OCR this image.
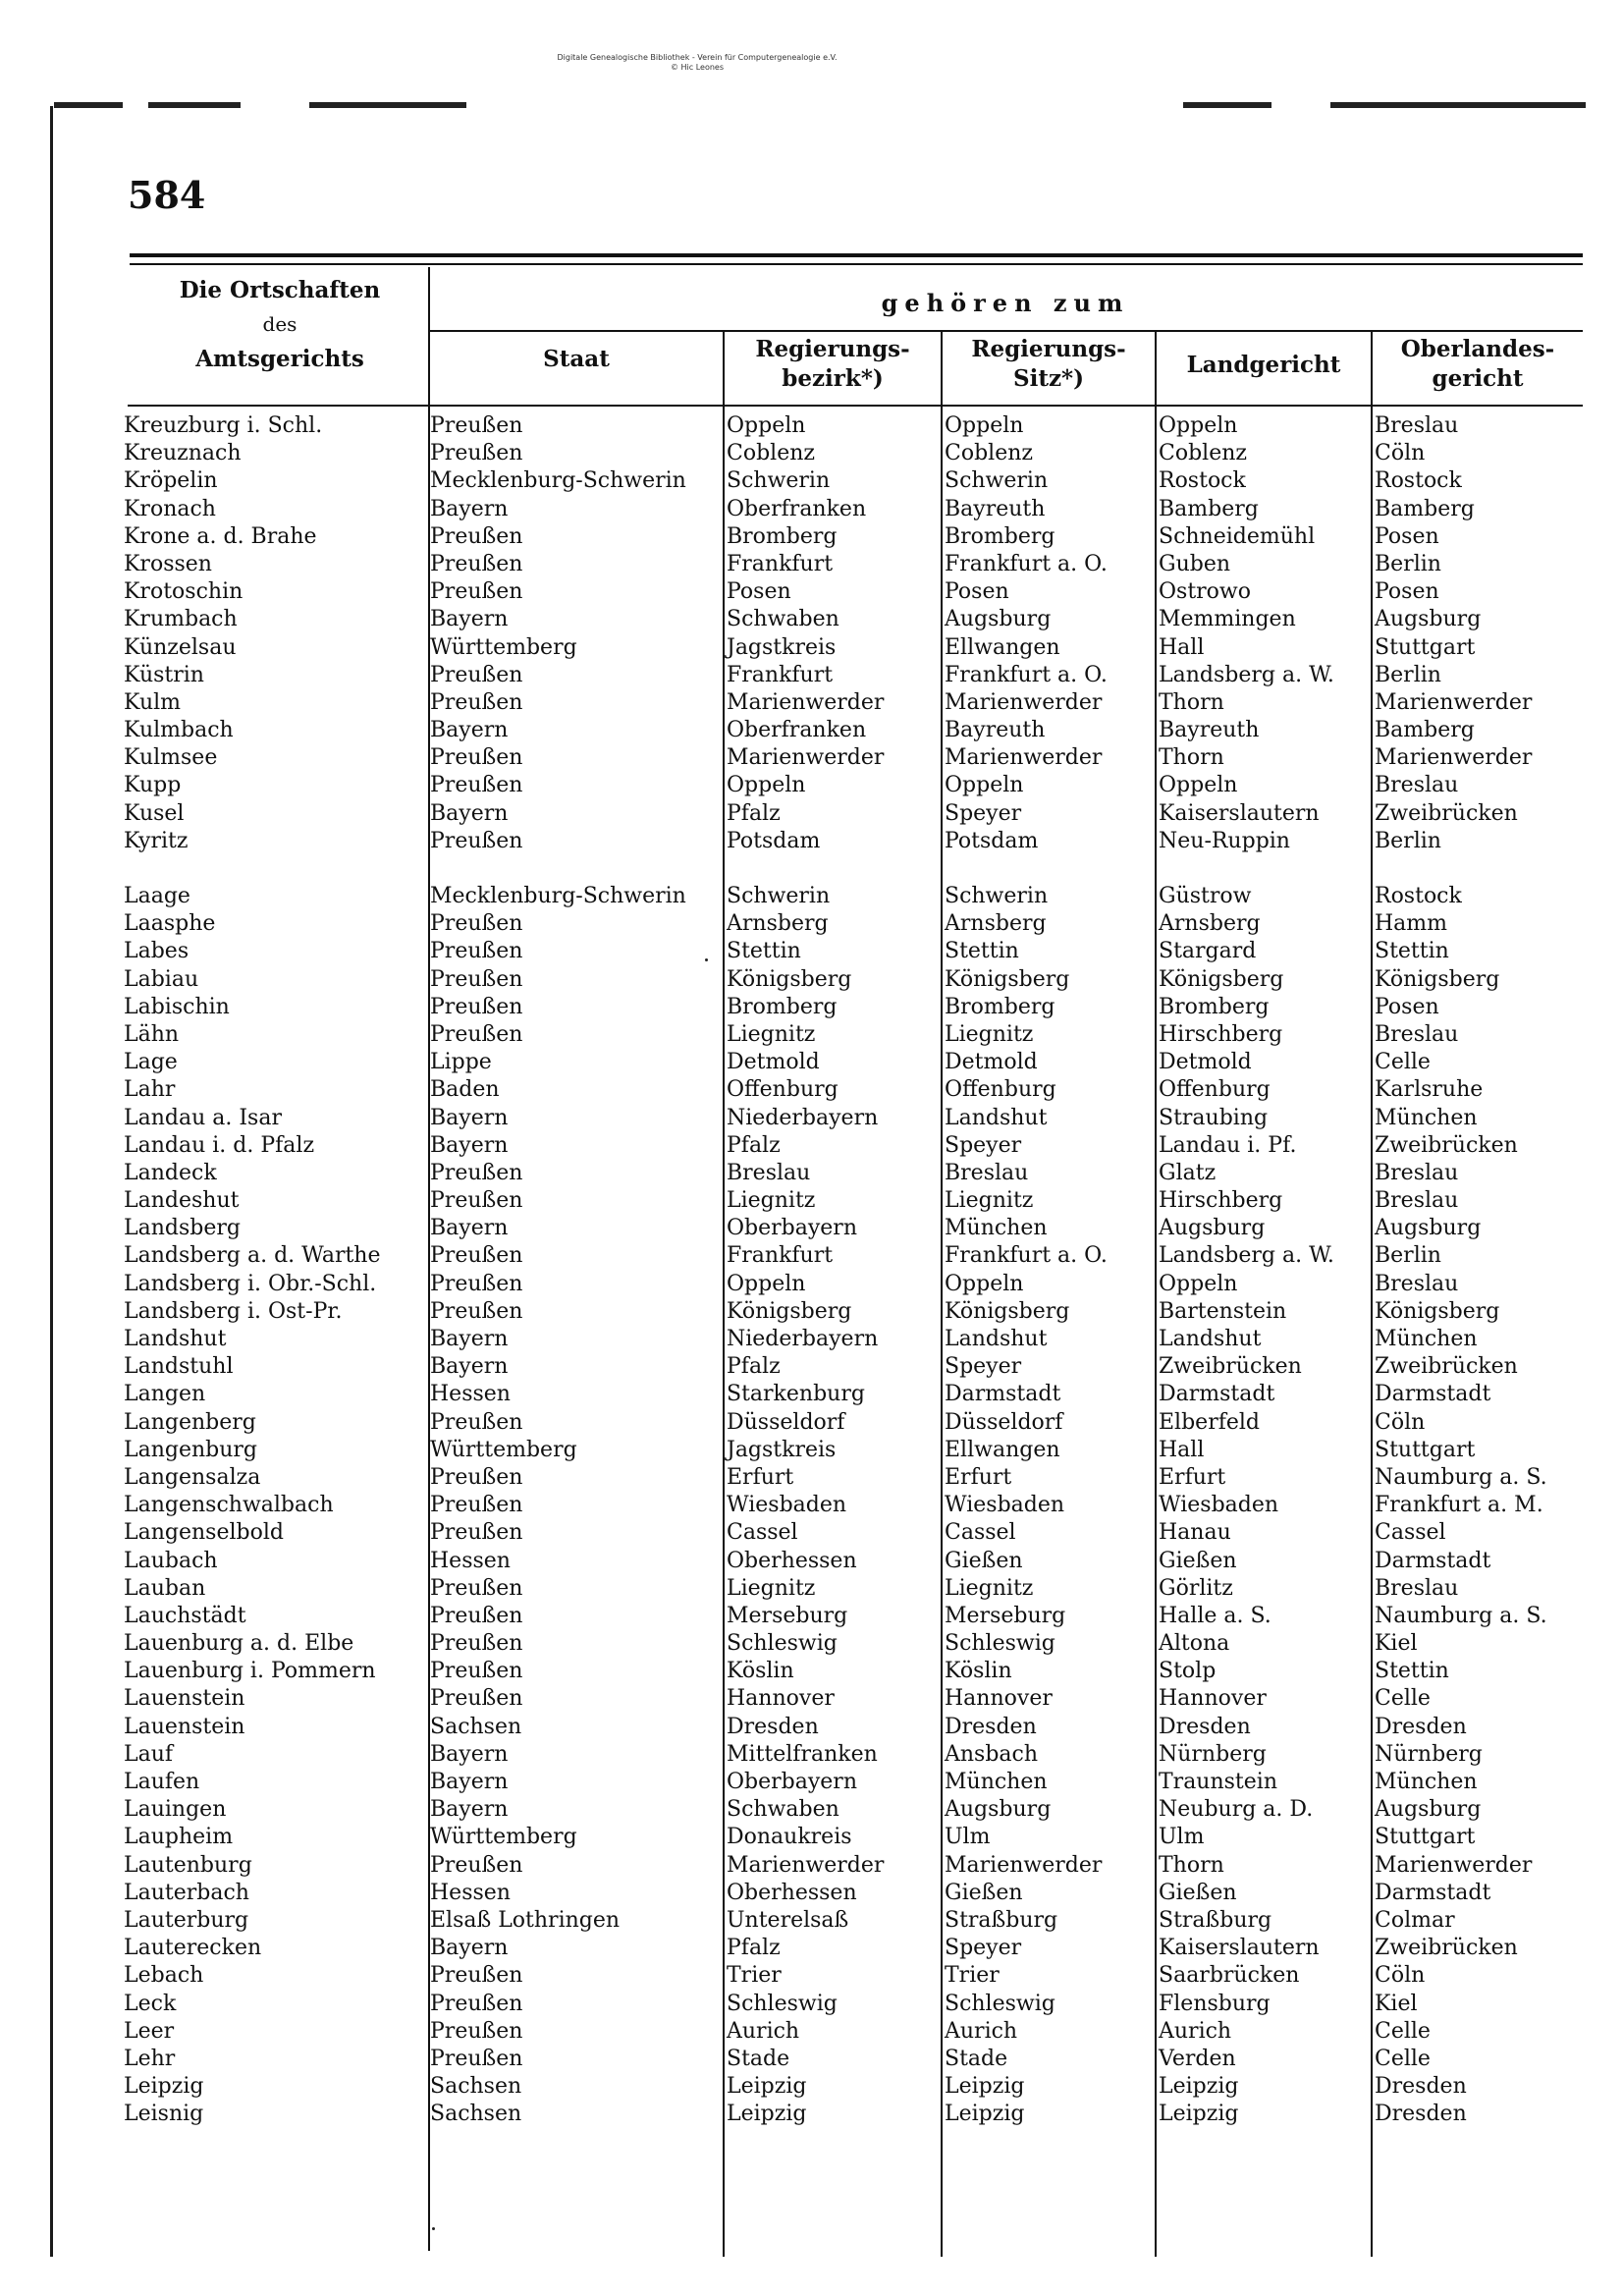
Digitale Genealogische Bibliothek - Verein für Computergenealogie e.V.
© Hic Leones
584
Die Ortschaften
des
Amtsgerichts
gehören zum
Staat	Regierungs-
bezirk*)
Regierungs-
Sitz*)
Landgericht
Oberlandes-
gericht
Kreuzburg i. Schl.
Kreuznach
Kröpelin
Kronach
Krone a. d. Brahe
Krossen
Krotoschin
Krumbach
Künzelsau
Küstrin
Kulm
Kulmbach
Kulmsee
Kupp
Kusel
Kyritz
Laage
Laasphe
Labes
Labiau
Labischin
Lähn
Lage
Lahr
Landau a. Isar
Landau i. d. Pfalz
Landeck
Landeshut
Landsberg
Landsberg a. d. Warthe
Landsberg i. Obr.-Schl.
Landsberg i. Ost-Pr.
Landshut
Landstuhl
Langen
Langenberg
Langenburg
Langensalza
Langenschwalbach
Langenselbold
Laubach
Lauban
Lauchstädt
Lauenburg a. d. Elbe
Lauenburg i. Pommern
Lauenstein
Lauenstein
Lauf
Laufen
Lauingen
Laupheim
Lautenburg
Lauterbach
Lauterburg
Lauterecken
Lebach
Leck
Leer
Lehr
Leipzig
Leisnig
Preußen
Preußen
Mecklenburg-Schwerin
Bayern
Preußen
Preußen
Preußen
Bayern
Württemberg
Preußen
Preußen
Bayern
Preußen
Preußen
Bayern
Preußen
Mecklenburg-Schwerin
Preußen
Preußen
Preußen
Preußen
Preußen
Lippe
Baden
Bayern
Bayern
Preußen
Preußen
Bayern
Preußen
Preußen
Preußen
Bayern
Bayern
Hessen
Preußen
Württemberg
Preußen
Preußen
Preußen
Hessen
Preußen
Preußen
Preußen
Preußen
Preußen
Sachsen
Bayern
Bayern
Bayern
Württemberg
Preußen
Hessen
Elsaß Lothringen
Bayern
Preußen
Preußen
Preußen
Preußen
Sachsen
Sachsen
Oppeln
Coblenz
Schwerin
Oberfranken
Bromberg
Frankfurt
Posen
Schwaben
Jagstkreis
Frankfurt
Marienwerder
Oberfranken
Marienwerder
Oppeln
Pfalz
Potsdam
Schwerin
Arnsberg
Stettin
Königsberg
Bromberg
Liegnitz
Detmold
Offenburg
Niederbayern
Pfalz
Breslau
Liegnitz
Oberbayern
Frankfurt
Oppeln
Königsberg
Niederbayern
Pfalz
Starkenburg
Düsseldorf
Jagstkreis
Erfurt
Wiesbaden
Cassel
Oberhessen
Liegnitz
Merseburg
Schleswig
Köslin
Hannover
Dresden
Mittelfranken
Oberbayern
Schwaben
Donaukreis
Marienwerder
Oberhessen
Unterelsaß
Pfalz
Trier
Schleswig
Aurich
Stade
Leipzig
Leipzig
Oppeln
Coblenz
Schwerin
Bayreuth
Bromberg
Frankfurt a. O.
Posen
Augsburg
Ellwangen
Frankfurt a. O.
Marienwerder
Bayreuth
Marienwerder
Oppeln
Speyer
Potsdam
Schwerin
Arnsberg
Stettin
Königsberg
Bromberg
Liegnitz
Detmold
Offenburg
Landshut
Speyer
Breslau
Liegnitz
München
Frankfurt a. O.
Oppeln
Königsberg
Landshut
Speyer
Darmstadt
Düsseldorf
Ellwangen
Erfurt
Wiesbaden
Cassel
Gießen
Liegnitz
Merseburg
Schleswig
Köslin
Hannover
Dresden
Ansbach
München
Augsburg
Ulm
Marienwerder
Gießen
Straßburg
Speyer
Trier
Schleswig
Aurich
Stade
Leipzig
Leipzig
Oppeln
Coblenz
Rostock
Bamberg
Schneidemühl
Guben
Ostrowo
Memmingen
Hall
Landsberg a. W.
Thorn
Bayreuth
Thorn
Oppeln
Kaiserslautern
Neu-Ruppin
Güstrow
Arnsberg
Stargard
Königsberg
Bromberg
Hirschberg
Detmold
Offenburg
Straubing
Landau i. Pf.
Glatz
Hirschberg
Augsburg
Landsberg a. W.
Oppeln
Bartenstein
Landshut
Zweibrücken
Darmstadt
Elberfeld
Hall
Erfurt
Wiesbaden
Hanau
Gießen
Görlitz
Halle a. S.
Altona
Stolp
Hannover
Dresden
Nürnberg
Traunstein
Neuburg a. D.
Ulm
Thorn
Gießen
Straßburg
Kaiserslautern
Saarbrücken
Flensburg
Aurich
Verden
Leipzig
Leipzig
Breslau
Cöln
Rostock
Bamberg
Posen
Berlin
Posen
Augsburg
Stuttgart
Berlin
Marienwerder
Bamberg
Marienwerder
Breslau
Zweibrücken
Berlin
Rostock
Hamm
Stettin
Königsberg
Posen
Breslau
Celle
Karlsruhe
München
Zweibrücken
Breslau
Breslau
Augsburg
Berlin
Breslau
Königsberg
München
Zweibrücken
Darmstadt
Cöln
Stuttgart
Naumburg a. S.
Frankfurt a. M.
Cassel
Darmstadt
Breslau
Naumburg a. S.
Kiel
Stettin
Celle
Dresden
Nürnberg
München
Augsburg
Stuttgart
Marienwerder
Darmstadt
Colmar
Zweibrücken
Cöln
Kiel
Celle
Celle
Dresden
Dresden
